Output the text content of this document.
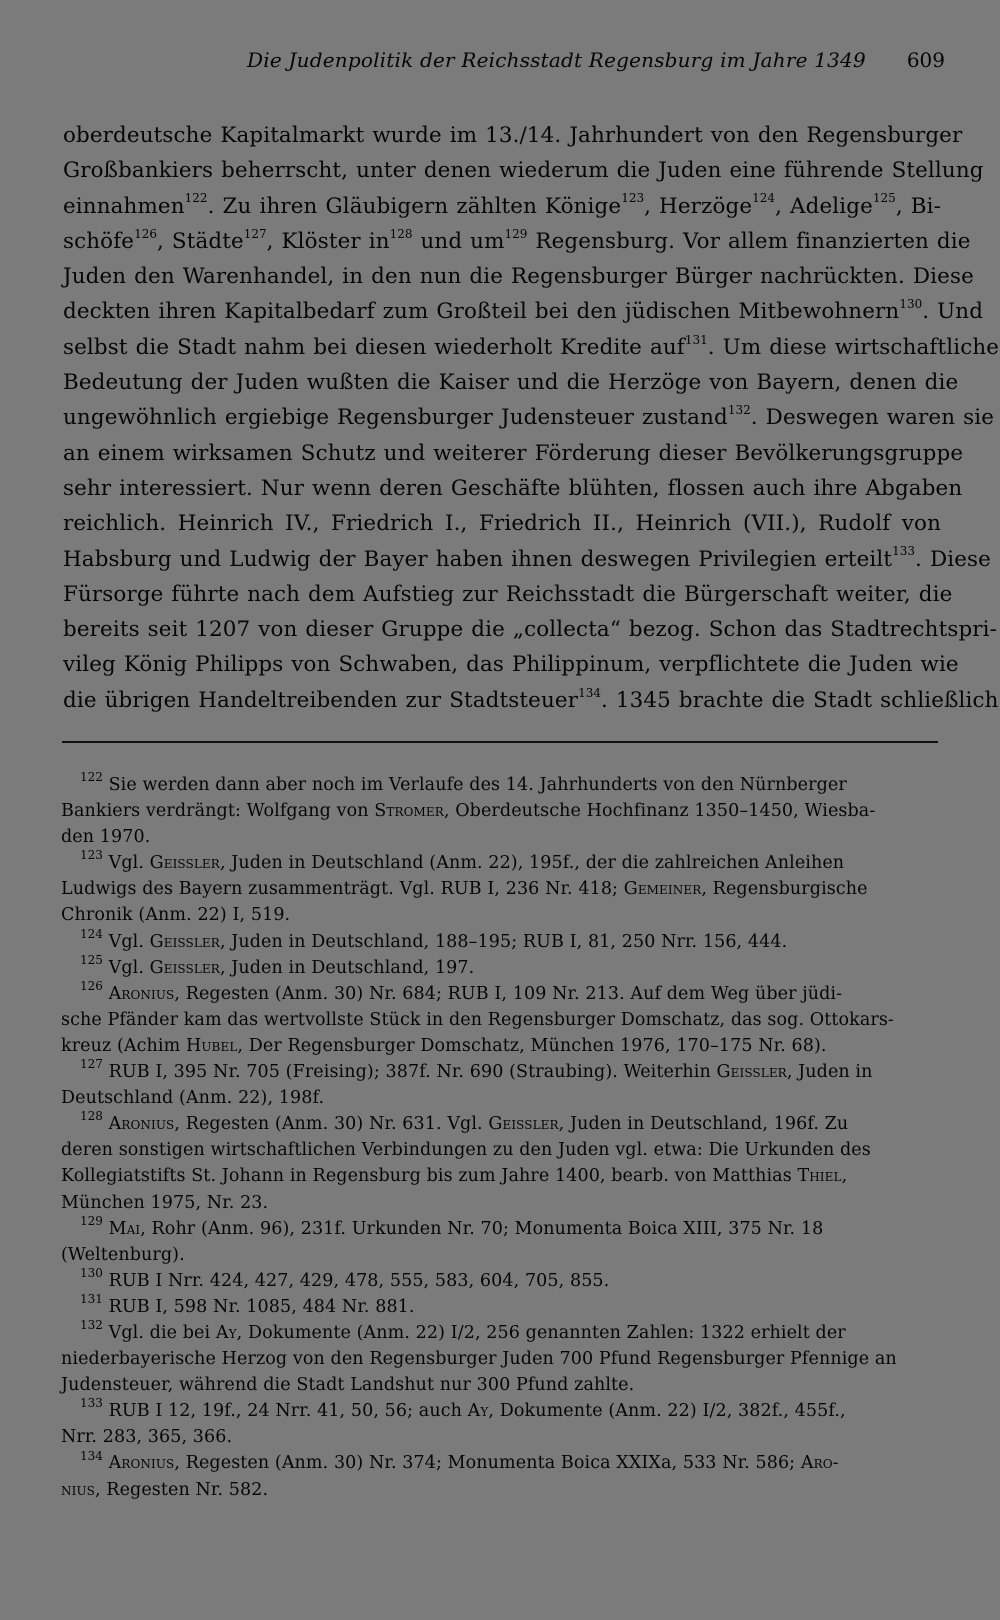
Die Judenpolitik der Reichsstadt Regensburg im Jahre 1349 609
oberdeutsche Kapitalmarkt wurde im 13./14. Jahrhundert von den Regensburger
Großbankiers beherrscht, unter denen wiederum die Juden eine führende Stellung
einnahmen$^{122}$. Zu ihren Gläubigern zählten Könige$^{123}$, Herzöge$^{124}$, Adelige$^{125}$, Bi-
schöfe$^{126}$, Städte$^{127}$, Klöster $in^{128}$ und $um^{129}$ Regensburg. Vor allem finanzierten die
Juden den Warenhandel, in den nun die Regensburger Bürger nachrückten. Diese
deckten ihren Kapitalbedarf zum Großteil bei den jüdischen Mitbewohnern$^{130}$. Und
selbst die Stadt nahm bei diesen wiederholt Kredite auf$^{131}$. Um diese wirtschaftliche
Bedeutung der Juden wußten die Kaiser und die Herzöge von Bayern, denen die
ungewöhnlich ergiebige Regensburger Judensteuer zustand$^{132}$. Deswegen waren sie
an einem wirksamen Schutz und weiterer Förderung dieser Bevölkerungsgruppe
sehr interessiert. Nur wenn deren Geschäfte blühten, flossen auch ihre Abgaben
reichlich. Heinrich IV., Friedrich I., Friedrich II., Heinrich (VII.), Rudolf von
Habsburg und Ludwig der Bayer haben ihnen deswegen Privilegien erteilt$^{133}$. Diese
Fürsorge führte nach dem Aufstieg zur Reichsstadt die Bürgerschaft weiter, die
bereits seit 1207 von dieser Gruppe die „collecta“ bezog. Schon das Stadtrechtspri-
vileg König Philipps von Schwaben, das Philippinum, verpflichtete die Juden wie
die übrigen Handeltreibenden zur Stadtsteuer$^{134}$. 1345 brachte die Stadt schließlich
$^{122}$ Sie werden dann aber noch im Verlaufe des 14. Jahrhunderts von den Nürnberger
Bankiers verdrängt: Wolfgang von Stromer, Oberdeutsche Hochfinanz 1350–1450, Wiesba-
den 1970.
$^{123}$ Vgl. Geissler, Juden in Deutschland (Anm. 22), 195f., der die zahlreichen Anleihen
Ludwigs des Bayern zusammenträgt. Vgl. RUB I, 236 Nr. 418; Gemeiner, Regensburgische
Chronik (Anm. 22) I, 519.
$^{124}$ Vgl. Geissler, Juden in Deutschland, 188–195; RUB I, 81, 250 Nrr. 156, 444.
$^{125}$ Vgl. Geissler, Juden in Deutschland, 197.
$^{126}$ Aronius, Regesten (Anm. 30) Nr. 684; RUB I, 109 Nr. 213. Auf dem Weg über jüdi-
sche Pfänder kam das wertvollste Stück in den Regensburger Domschatz, das sog. Ottokars-
kreuz (Achim Hubel, Der Regensburger Domschatz, München 1976, 170–175 Nr. 68).
$^{127}$ RUB I, 395 Nr. 705 (Freising); 387f. Nr. 690 (Straubing). Weiterhin Geissler, Juden in
Deutschland (Anm. 22), 198f.
$^{128}$ Aronius, Regesten (Anm. 30) Nr. 631. Vgl. Geissler, Juden in Deutschland, 196f. Zu
deren sonstigen wirtschaftlichen Verbindungen zu den Juden vgl. etwa: Die Urkunden des
Kollegiatstifts St. Johann in Regensburg bis zum Jahre 1400, bearb. von Matthias Thiel,
München 1975, Nr. 23.
$^{129}$ Mai, Rohr (Anm. 96), 231f. Urkunden Nr. 70; Monumenta Boica XIII, 375 Nr. 18
(Weltenburg).
$^{130}$ RUB I Nrr. 424, 427, 429, 478, 555, 583, 604, 705, 855.
$^{131}$ RUB I, 598 Nr. 1085, 484 Nr. 881.
$^{132}$ Vgl. die bei Ay, Dokumente (Anm. 22) I/2, 256 genannten Zahlen: 1322 erhielt der
niederbayerische Herzog von den Regensburger Juden 700 Pfund Regensburger Pfennige an
Judensteuer, während die Stadt Landshut nur 300 Pfund zahlte.
$^{133}$ RUB I 12, 19f., 24 Nrr. 41, 50, 56; auch Ay, Dokumente (Anm. 22) I/2, 382f., 455f.,
Nrr. 283, 365, 366.
$^{134}$ Aronius, Regesten (Anm. 30) Nr. 374; Monumenta Boica XXIXa, 533 Nr. 586; Aro-
nius, Regesten Nr. 582.
